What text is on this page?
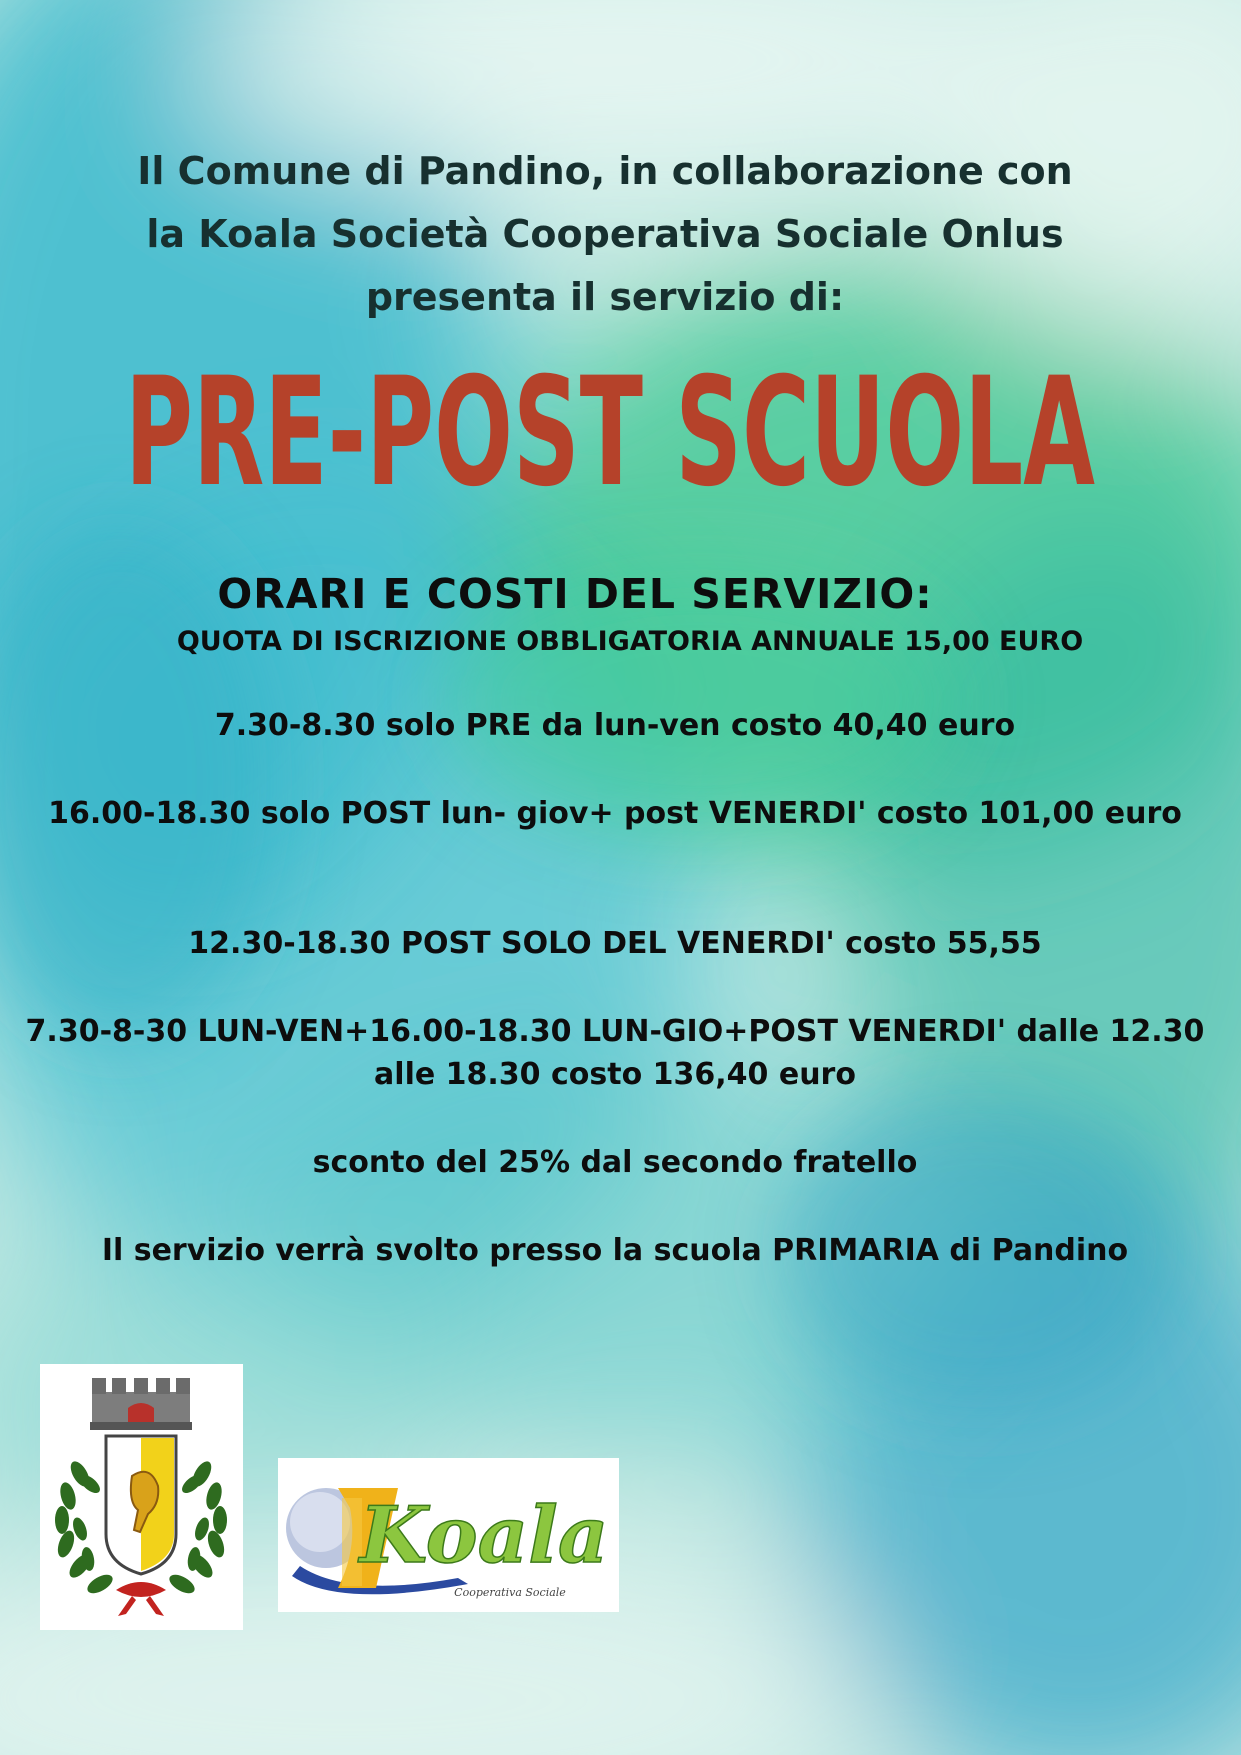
Il Comune di Pandino, in collaborazione con
la Koala Società Cooperativa Sociale Onlus
presenta il servizio di:
PRE-POST SCUOLA
ORARI E COSTI DEL SERVIZIO:
QUOTA DI ISCRIZIONE OBBLIGATORIA ANNUALE 15,00 EURO
7.30-8.30 solo PRE da lun-ven costo 40,40 euro
16.00-18.30 solo POST lun- giov+ post VENERDI' costo 101,00 euro
12.30-18.30 POST SOLO DEL VENERDI' costo 55,55
7.30-8-30 LUN-VEN+16.00-18.30 LUN-GIO+POST VENERDI' dalle 12.30 alle 18.30 costo 136,40 euro
sconto del 25% dal secondo fratello
Il servizio verrà svolto presso la scuola PRIMARIA di Pandino
Koala
Cooperativa Sociale
